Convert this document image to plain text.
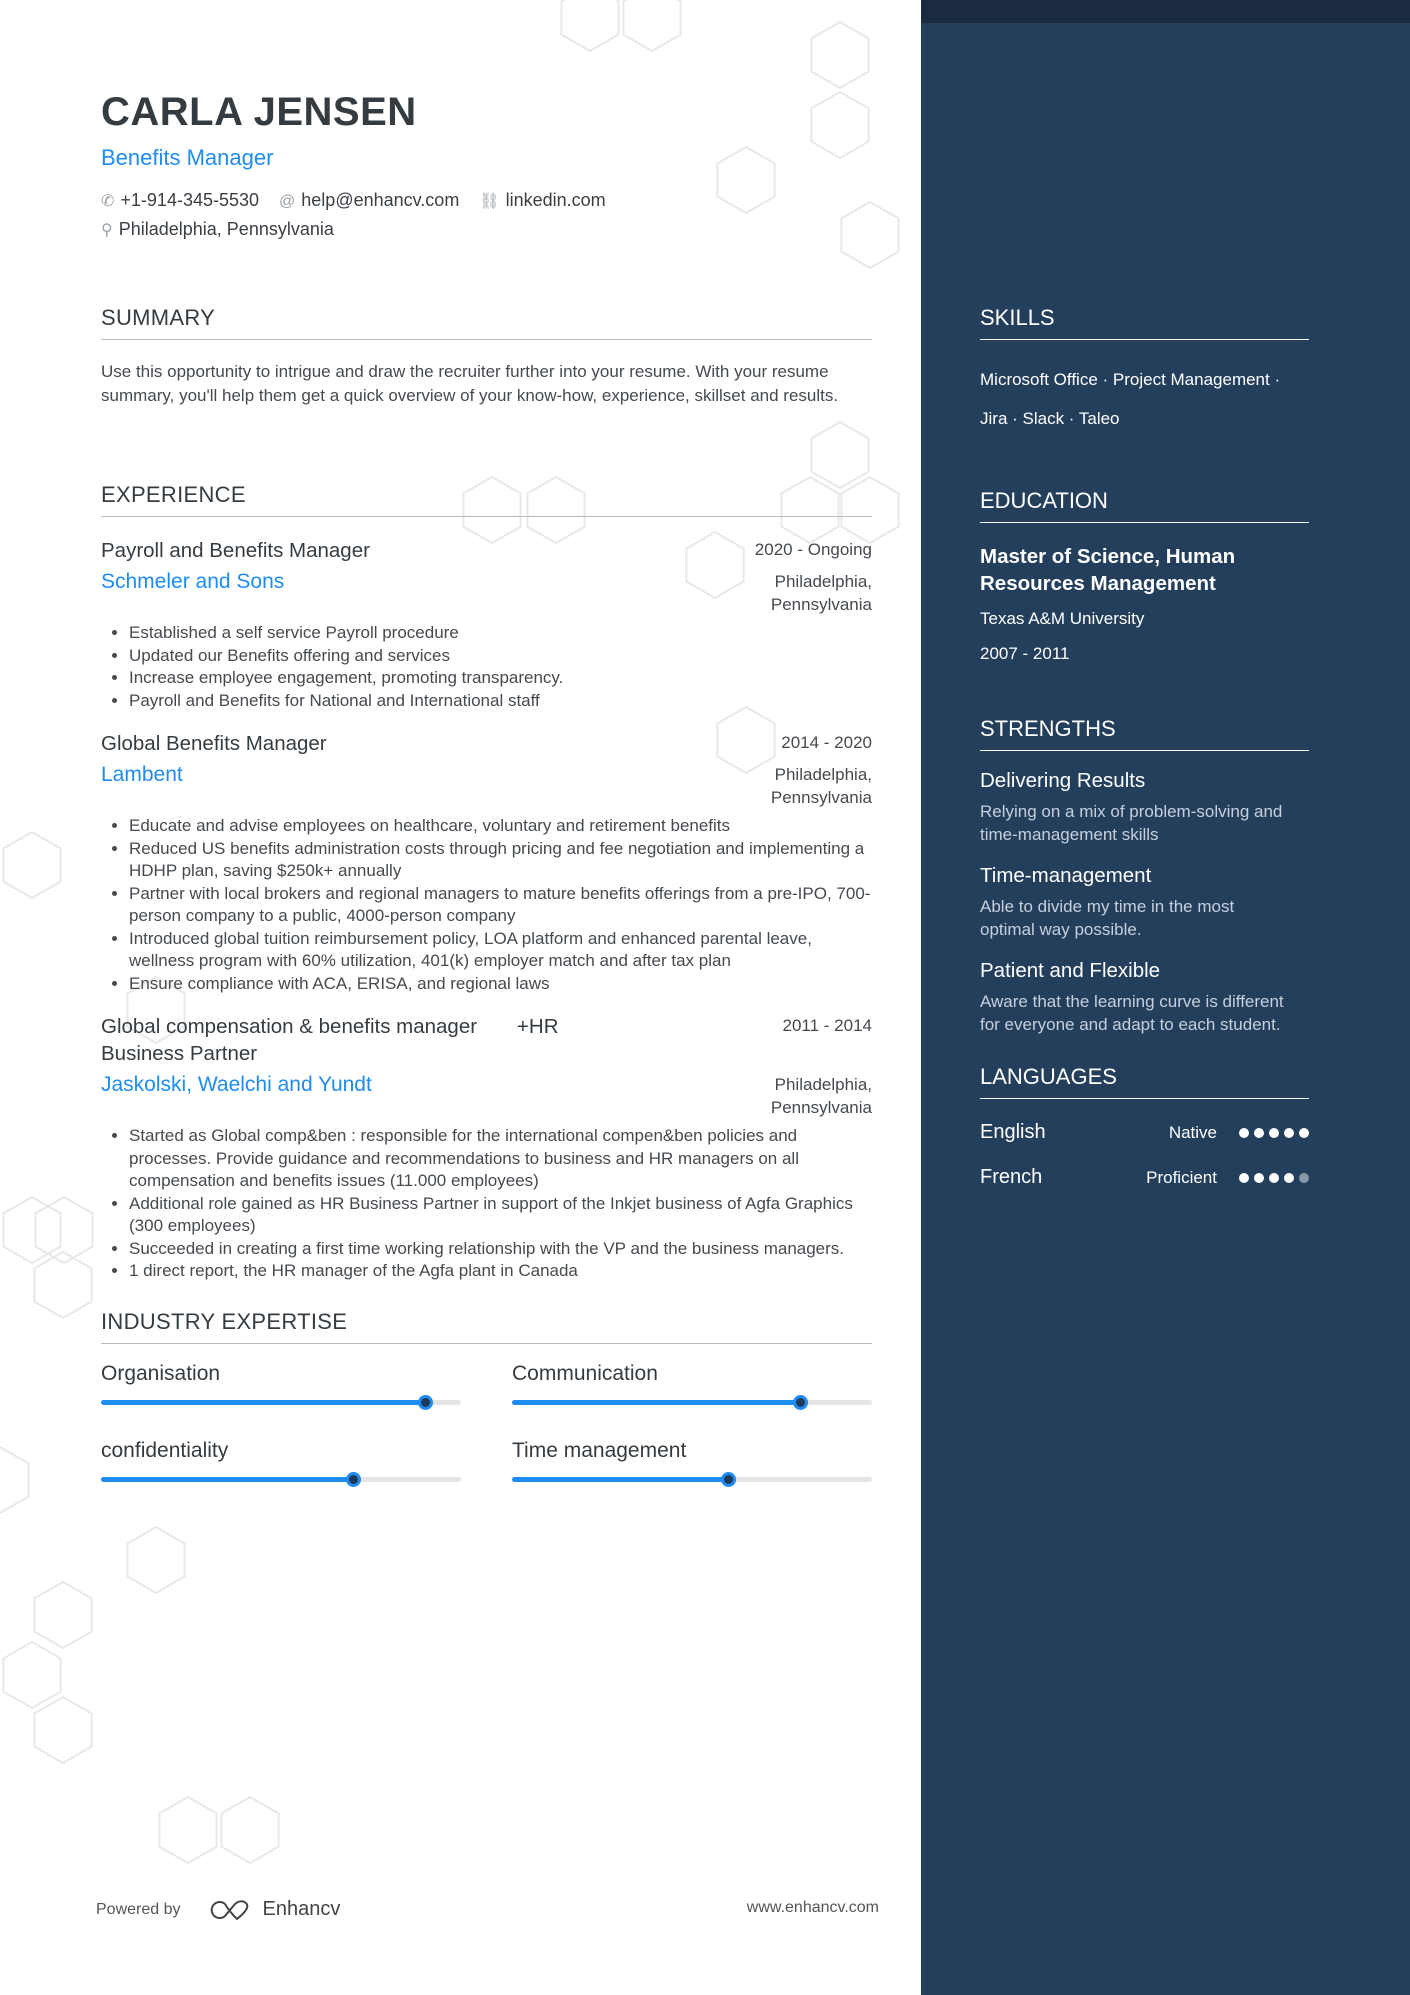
CARLA JENSEN
Benefits Manager
✆ +1-914-345-5530 @ help@enhancv.com ⛓ linkedin.com
⚲ Philadelphia, Pennsylvania
SUMMARY
Use this opportunity to intrigue and draw the recruiter further into your resume. With your resume summary, you'll help them get a quick overview of your know-how, experience, skillset and results.
EXPERIENCE
Payroll and Benefits Manager	2020 - Ongoing
Schmeler and Sons	Philadelphia,
Pennsylvania
• Established a self service Payroll procedure
• Updated our Benefits offering and services
• Increase employee engagement, promoting transparency.
• Payroll and Benefits for National and International staff
Global Benefits Manager	2014 - 2020
Lambent	Philadelphia,
Pennsylvania
• Educate and advise employees on healthcare, voluntary and retirement benefits
• Reduced US benefits administration costs through pricing and fee negotiation and implementing a HDHP plan, saving $250k+ annually
• Partner with local brokers and regional managers to mature benefits offerings from a pre-IPO, 700-person company to a public, 4000-person company
• Introduced global tuition reimbursement policy, LOA platform and enhanced parental leave, wellness program with 60% utilization, 401(k) employer match and after tax plan
• Ensure compliance with ACA, ERISA, and regional laws
Global compensation & benefits manager       +HR Business Partner
2011 - 2014
Jaskolski, Waelchi and Yundt	Philadelphia,
Pennsylvania
• Started as Global comp&ben : responsible for the international compen&ben policies and processes. Provide guidance and recommendations to business and HR managers on all compensation and benefits issues (11.000 employees)
• Additional role gained as HR Business Partner in support of the Inkjet business of Agfa Graphics (300 employees)
• Succeeded in creating a first time working relationship with the VP and the business managers.
• 1 direct report, the HR manager of the Agfa plant in Canada
INDUSTRY EXPERTISE
Organisation	Communication
confidentiality	Time management
Powered by	Enhancv	www.enhancv.com
SKILLS
Microsoft Office · Project Management ·
Jira · Slack · Taleo
EDUCATION
Master of Science, Human Resources Management
Texas A&M University
2007 - 2011
STRENGTHS
Delivering Results
Relying on a mix of problem-solving and time-management skills
Time-management
Able to divide my time in the most optimal way possible.
Patient and Flexible
Aware that the learning curve is different for everyone and adapt to each student.
LANGUAGES
English	Native
French	Proficient
